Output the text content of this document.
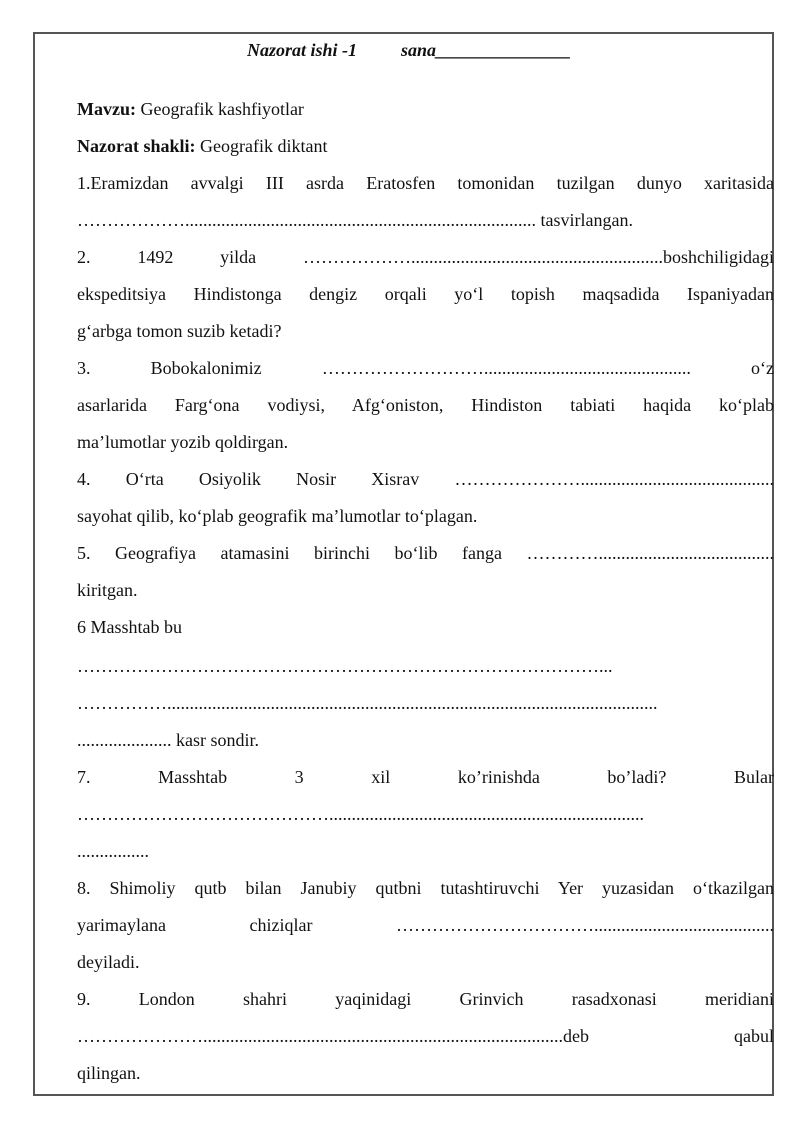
Nazorat ishi -1 sana_______________
Mavzu: Geografik kashfiyotlar
Nazorat shakli: Geografik diktant
1.Eramizdan avvalgi III asrda Eratosfen tomonidan tuzilgan dunyo xaritasida
……………….............................................................................. tasvirlangan.
2. 1492 yilda ………………........................................................boshchiligidagi
ekspeditsiya Hindistonga dengiz orqali yo‘l topish maqsadida Ispaniyadan
g‘arbga tomon suzib ketadi?
3. Bobokalonimiz ……………………….............................................. o‘z
asarlarida Farg‘ona vodiysi, Afg‘oniston, Hindiston tabiati haqida ko‘plab
ma’lumotlar yozib qoldirgan.
4. O‘rta Osiyolik Nosir Xisrav …………………...........................................
sayohat qilib, ko‘plab geografik ma’lumotlar to‘plagan.
5. Geografiya atamasini birinchi bo‘lib fanga ………….......................................
kiritgan.
6 Masshtab bu
……………………………………………………………………………...
…………….............................................................................................................
..................... kasr sondir.
7. Masshtab 3 xil ko’rinishda bo’ladi? Bular
……………………………………......................................................................
................
8. Shimoliy qutb bilan Janubiy qutbni tutashtiruvchi Yer yuzasidan o‘tkazilgan
yarimaylana chiziqlar ……………………………........................................
deyiladi.
9. London shahri yaqinidagi Grinvich rasadxonasi meridiani
…………………................................................................................deb qabul
qilingan.
